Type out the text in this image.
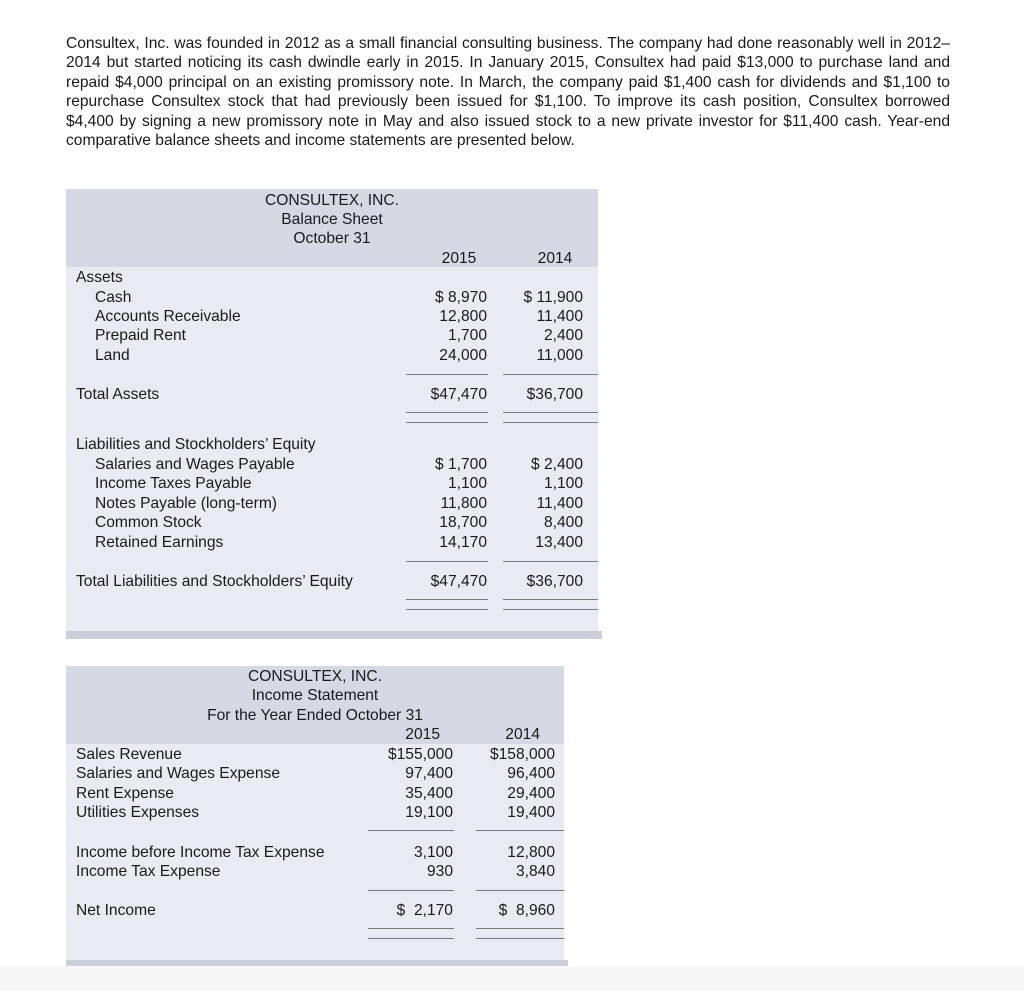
Consultex, Inc. was founded in 2012 as a small financial consulting business. The company had done reasonably well in 2012–2014 but started noticing its cash dwindle early in 2015. In January 2015, Consultex had paid $13,000 to purchase land and repaid $4,000 principal on an existing promissory note. In March, the company paid $1,400 cash for dividends and $1,100 to repurchase Consultex stock that had previously been issued for $1,100. To improve its cash position, Consultex borrowed $4,400 by signing a new promissory note in May and also issued stock to a new private investor for $11,400 cash. Year-end comparative balance sheets and income statements are presented below.

CONSULTEX, INC.
Balance Sheet
October 31
2015	2014
Assets
Cash	$ 8,970	$ 11,900
Accounts Receivable	12,800	11,400
Prepaid Rent	1,700	2,400
Land	24,000	11,000
Total Assets	$47,470	$36,700
Liabilities and Stockholders’ Equity
Salaries and Wages Payable	$ 1,700	$ 2,400
Income Taxes Payable	1,100	1,100
Notes Payable (long-term)	11,800	11,400
Common Stock	18,700	8,400
Retained Earnings	14,170	13,400
Total Liabilities and Stockholders’ Equity	$47,470	$36,700
CONSULTEX, INC.
Income Statement
For the Year Ended October 31
2015	2014
Sales Revenue	$155,000	$158,000
Salaries and Wages Expense	97,400	96,400
Rent Expense	35,400	29,400
Utilities Expenses	19,100	19,400
Income before Income Tax Expense	3,100	12,800
Income Tax Expense	930	3,840
Net Income	$  2,170	$  8,960
